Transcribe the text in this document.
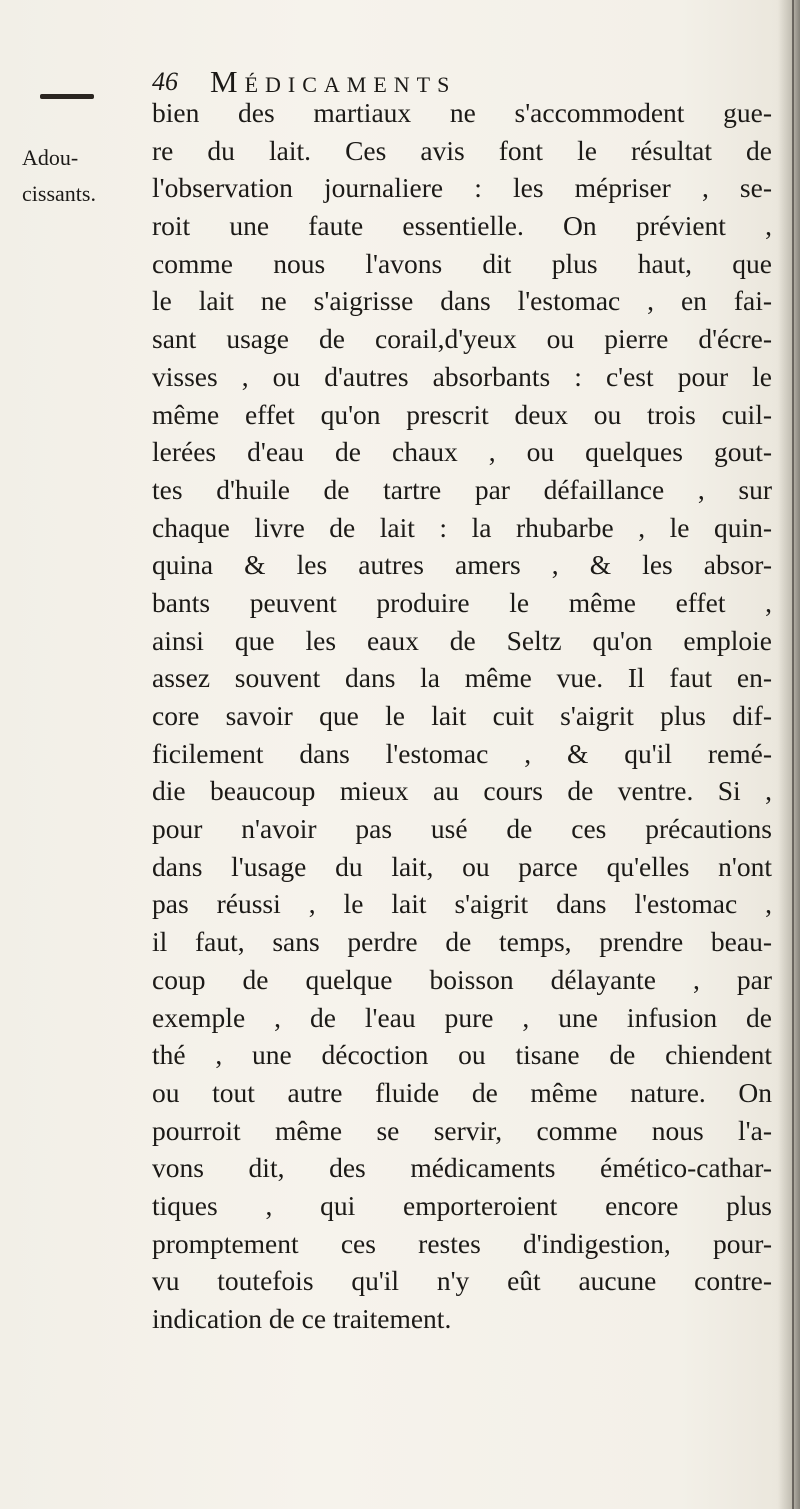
46 Médicaments
Adou-
cissants.
bien des martiaux ne s'accommodent gue-
re du lait. Ces avis font le résultat de
l'observation journaliere : les mépriser , se-
roit une faute essentielle. On prévient ,
comme nous l'avons dit plus haut, que
le lait ne s'aigrisse dans l'estomac , en fai-
sant usage de corail,d'yeux ou pierre d'écre-
visses , ou d'autres absorbants : c'est pour le
même effet qu'on prescrit deux ou trois cuil-
lerées d'eau de chaux , ou quelques gout-
tes d'huile de tartre par défaillance , sur
chaque livre de lait : la rhubarbe , le quin-
quina & les autres amers , & les absor-
bants peuvent produire le même effet ,
ainsi que les eaux de Seltz qu'on emploie
assez souvent dans la même vue. Il faut en-
core savoir que le lait cuit s'aigrit plus dif-
ficilement dans l'estomac , & qu'il remé-
die beaucoup mieux au cours de ventre. Si ,
pour n'avoir pas usé de ces précautions
dans l'usage du lait, ou parce qu'elles n'ont
pas réussi , le lait s'aigrit dans l'estomac ,
il faut, sans perdre de temps, prendre beau-
coup de quelque boisson délayante , par
exemple , de l'eau pure , une infusion de
thé , une décoction ou tisane de chiendent
ou tout autre fluide de même nature. On
pourroit même se servir, comme nous l'a-
vons dit, des médicaments émético-cathar-
tiques , qui emporteroient encore plus
promptement ces restes d'indigestion, pour-
vu toutefois qu'il n'y eût aucune contre-
indication de ce traitement.
